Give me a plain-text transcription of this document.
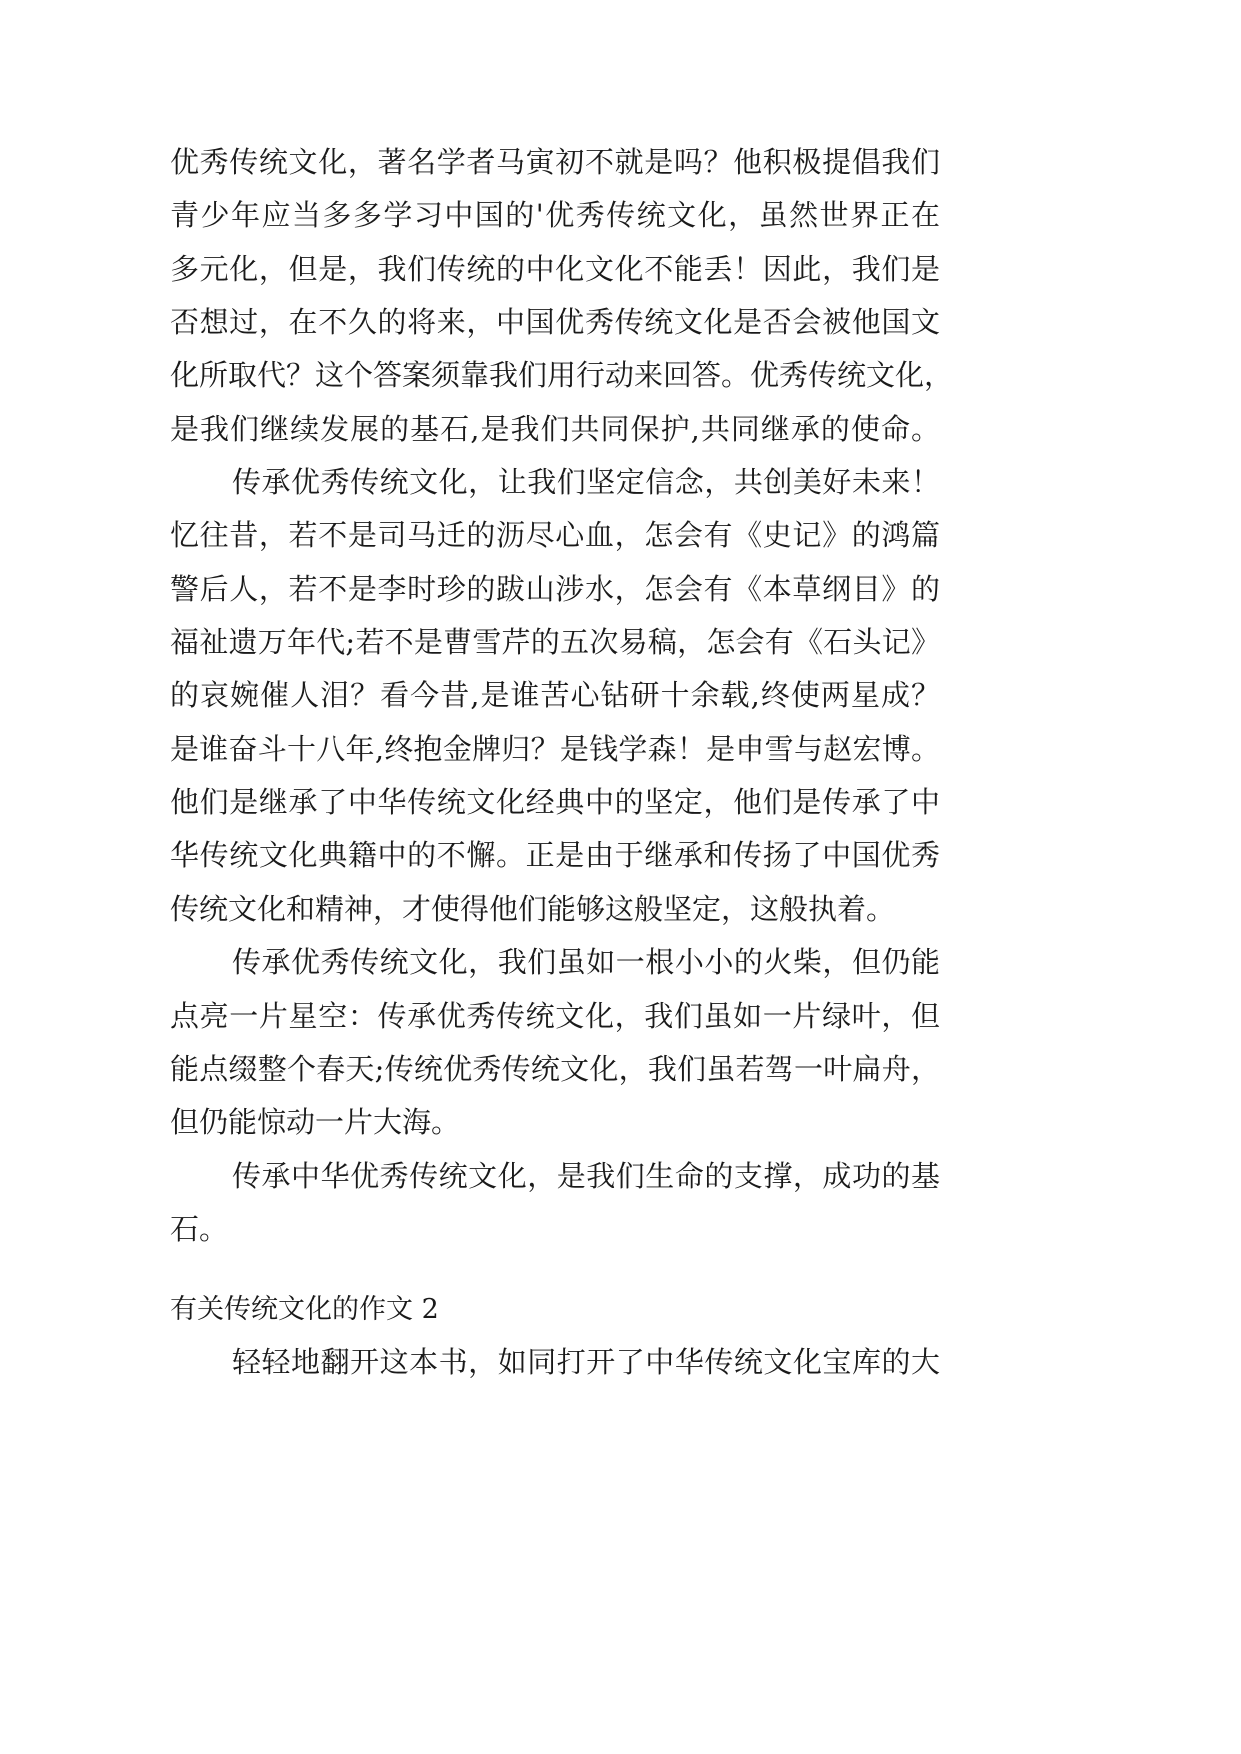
优秀传统文化，著名学者马寅初不就是吗？他积极提倡我们
青少年应当多多学习中国的'优秀传统文化，虽然世界正在
多元化，但是，我们传统的中化文化不能丢！因此，我们是
否想过，在不久的将来，中国优秀传统文化是否会被他国文
化所取代？这个答案须靠我们用行动来回答。优秀传统文化，
是我们继续发展的基石,是我们共同保护,共同继承的使命。
传承优秀传统文化，让我们坚定信念，共创美好未来！
忆往昔，若不是司马迁的沥尽心血，怎会有《史记》的鸿篇
警后人，若不是李时珍的跋山涉水，怎会有《本草纲目》的
福祉遗万年代;若不是曹雪芹的五次易稿，怎会有《石头记》
的哀婉催人泪？看今昔,是谁苦心钻研十余载,终使两星成？
是谁奋斗十八年,终抱金牌归？是钱学森！是申雪与赵宏博。
他们是继承了中华传统文化经典中的坚定，他们是传承了中
华传统文化典籍中的不懈。正是由于继承和传扬了中国优秀
传统文化和精神，才使得他们能够这般坚定，这般执着。
传承优秀传统文化，我们虽如一根小小的火柴，但仍能
点亮一片星空：传承优秀传统文化，我们虽如一片绿叶，但
能点缀整个春天;传统优秀传统文化，我们虽若驾一叶扁舟，
但仍能惊动一片大海。
传承中华优秀传统文化，是我们生命的支撑，成功的基
石。
有关传统文化的作文 2
轻轻地翻开这本书，如同打开了中华传统文化宝库的大
